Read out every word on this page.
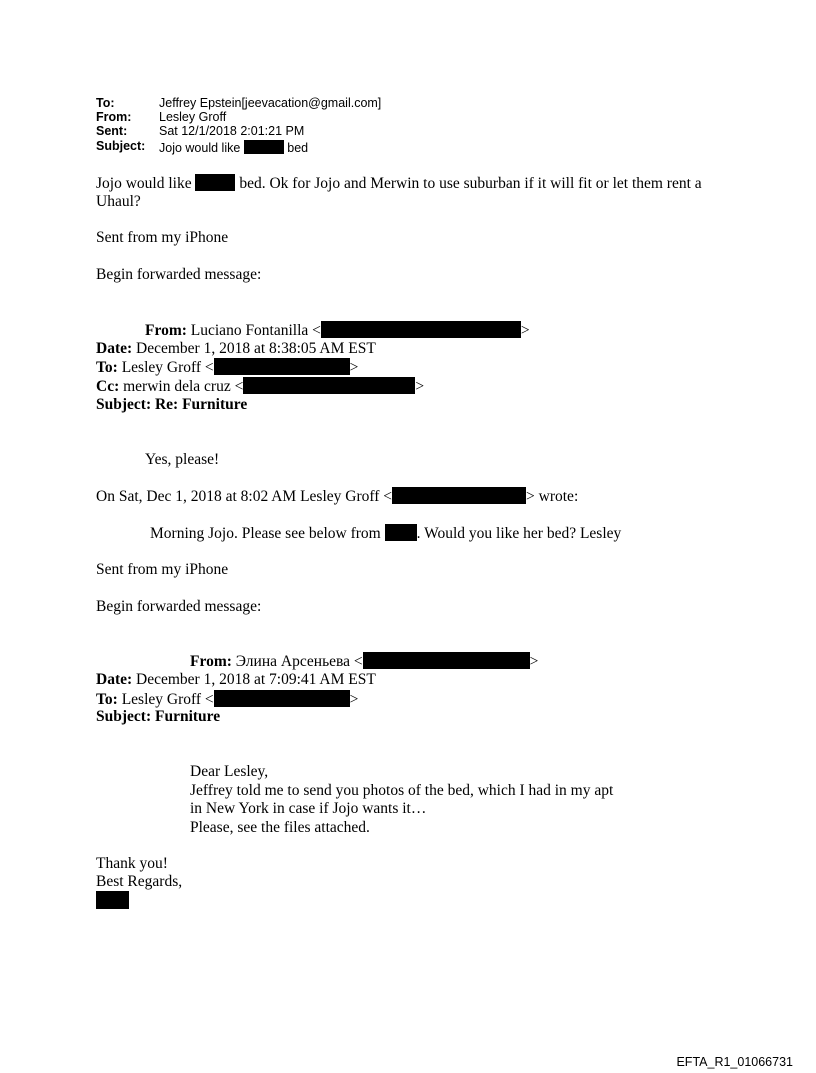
To:	Jeffrey Epstein[jeevacation@gmail.com]
From: Lesley Groff
Sent:	Sat 12/1/2018 2:01:21 PM
Subject: Jojo would like	bed
Jojo would like	bed. Ok for Jojo and Merwin to use suburban if it will fit or let them rent a
Uhaul?
Sent from my iPhone
Begin forwarded message:
From: Luciano Fontanilla <	>
Date: December 1, 2018 at 8:38:05 AM EST
To: Lesley Groff <	>
Cc: merwin dela cruz <	>
Subject: Re: Furniture
Yes, please!
On Sat, Dec 1, 2018 at 8:02 AM Lesley Groff <	> wrote:
Morning Jojo. Please see below from . Would you like her bed? Lesley
Sent from my iPhone
Begin forwarded message:
From: Элина Арсеньева <	>
Date: December 1, 2018 at 7:09:41 AM EST
To: Lesley Groff <	>
Subject: Furniture
Dear Lesley,
Jeffrey told me to send you photos of the bed, which I had in my apt
in New York in case if Jojo wants it…
Please, see the files attached.
Thank you!
Best Regards,
EFTA_R1_01066731
